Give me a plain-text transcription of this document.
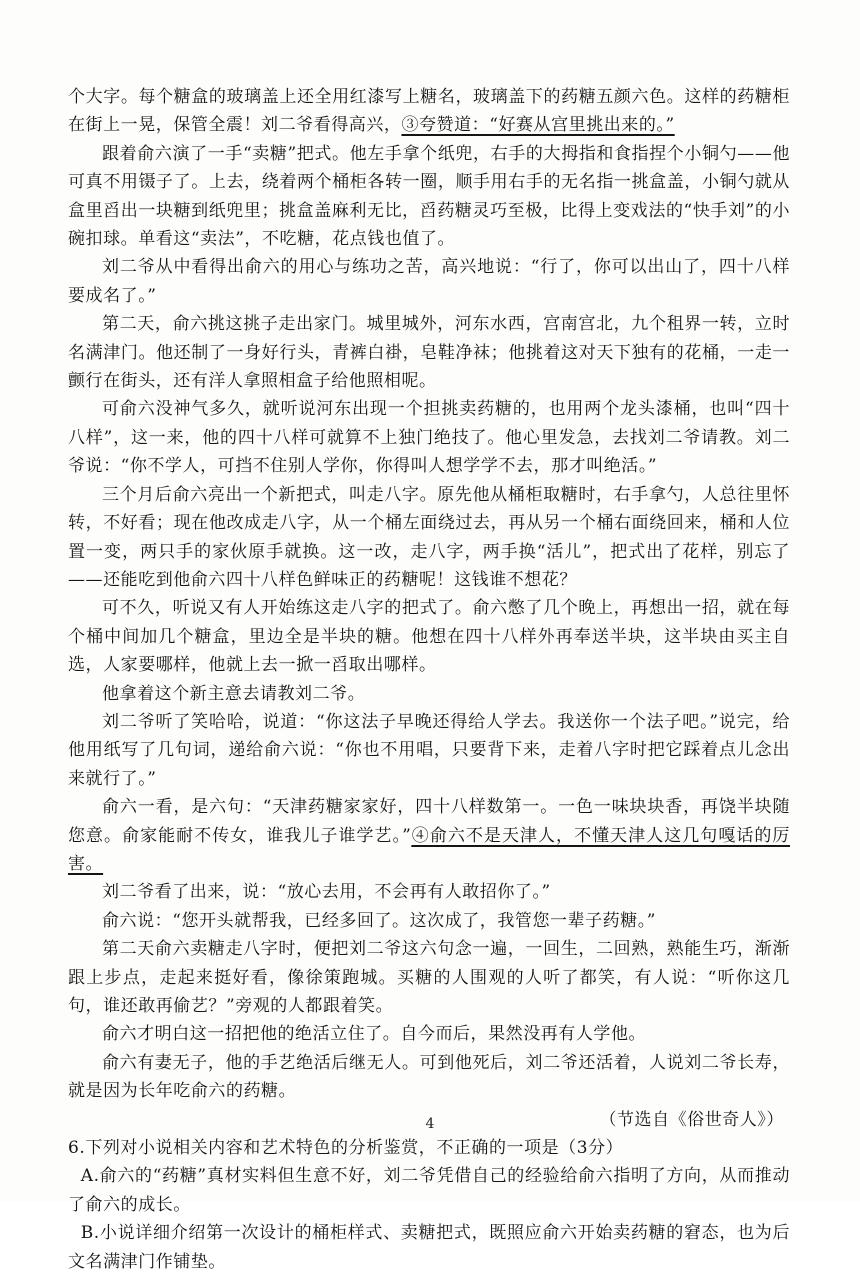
个大字。每个糖盒的玻璃盖上还全用红漆写上糖名，玻璃盖下的药糖五颜六色。这样的药糖柜在街上一晃，保管全震！刘二爷看得高兴，③夸赞道：“好赛从宫里挑出来的。”

跟着俞六演了一手“卖糖”把式。他左手拿个纸兜，右手的大拇指和食指捏个小铜勺——他可真不用镊子了。上去，绕着两个桶柜各转一圈，顺手用右手的无名指一挑盒盖，小铜勺就从盒里舀出一块糖到纸兜里；挑盒盖麻利无比，舀药糖灵巧至极，比得上变戏法的“快手刘”的小碗扣球。单看这“卖法”，不吃糖，花点钱也值了。

刘二爷从中看得出俞六的用心与练功之苦，高兴地说：“行了，你可以出山了，四十八样要成名了。”

第二天，俞六挑这挑子走出家门。城里城外，河东水西，宫南宫北，九个租界一转，立时名满津门。他还制了一身好行头，青裤白褂，皂鞋净袜；他挑着这对天下独有的花桶，一走一颤行在街头，还有洋人拿照相盒子给他照相呢。

可俞六没神气多久，就听说河东出现一个担挑卖药糖的，也用两个龙头漆桶，也叫“四十八样”，这一来，他的四十八样可就算不上独门绝技了。他心里发急，去找刘二爷请教。刘二爷说：“你不学人，可挡不住别人学你，你得叫人想学学不去，那才叫绝活。”

三个月后俞六亮出一个新把式，叫走八字。原先他从桶柜取糖时，右手拿勺，人总往里怀转，不好看；现在他改成走八字，从一个桶左面绕过去，再从另一个桶右面绕回来，桶和人位置一变，两只手的家伙原手就换。这一改，走八字，两手换“活儿”，把式出了花样，别忘了——还能吃到他俞六四十八样色鲜味正的药糖呢！这钱谁不想花？

可不久，听说又有人开始练这走八字的把式了。俞六憋了几个晚上，再想出一招，就在每个桶中间加几个糖盒，里边全是半块的糖。他想在四十八样外再奉送半块，这半块由买主自选，人家要哪样，他就上去一掀一舀取出哪样。

他拿着这个新主意去请教刘二爷。

刘二爷听了笑哈哈，说道：“你这法子早晚还得给人学去。我送你一个法子吧。”说完，给他用纸写了几句词，递给俞六说：“你也不用唱，只要背下来，走着八字时把它踩着点儿念出来就行了。”

俞六一看，是六句：“天津药糖家家好，四十八样数第一。一色一味块块香，再饶半块随您意。俞家能耐不传女，谁我儿子谁学艺。”④俞六不是天津人，不懂天津人这几句嘎话的厉害。

刘二爷看了出来，说：“放心去用，不会再有人敢招你了。”

俞六说：“您开头就帮我，已经多回了。这次成了，我管您一辈子药糖。”

第二天俞六卖糖走八字时，便把刘二爷这六句念一遍，一回生，二回熟，熟能生巧，渐渐跟上步点，走起来挺好看，像徐策跑城。买糖的人围观的人听了都笑，有人说：“听你这几句，谁还敢再偷艺？”旁观的人都跟着笑。

俞六才明白这一招把他的绝活立住了。自今而后，果然没再有人学他。

俞六有妻无子，他的手艺绝活后继无人。可到他死后，刘二爷还活着，人说刘二爷长寿，就是因为长年吃俞六的药糖。

（节选自《俗世奇人》）

6.下列对小说相关内容和艺术特色的分析鉴赏，不正确的一项是（3分）

A.俞六的“药糖”真材实料但生意不好，刘二爷凭借自己的经验给俞六指明了方向，从而推动了俞六的成长。

B.小说详细介绍第一次设计的桶柜样式、卖糖把式，既照应俞六开始卖药糖的窘态，也为后文名满津门作铺垫。

4
